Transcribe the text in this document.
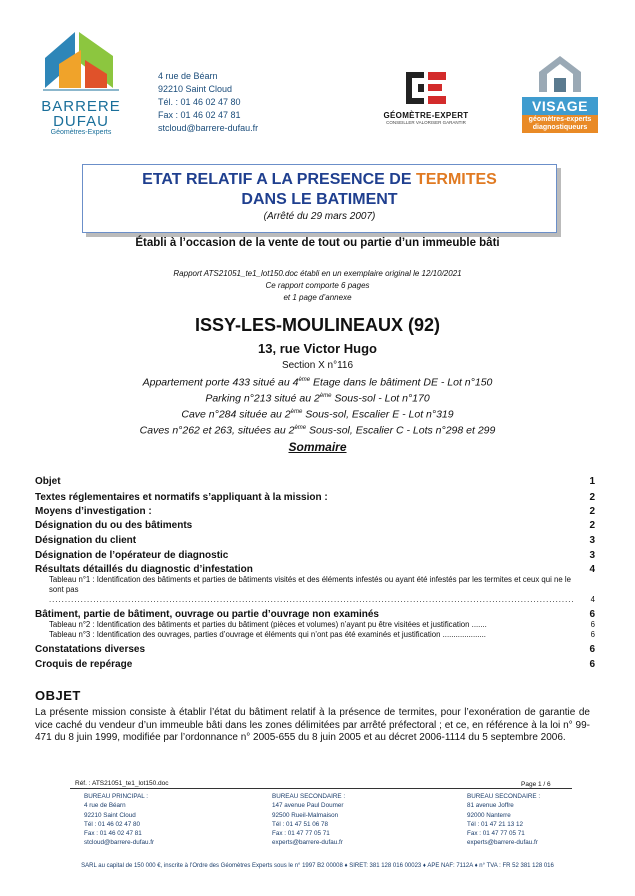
BARRERE
DUFAU
Géomètres-Experts
4 rue de Béarn
92210 Saint Cloud
Tél. : 01 46 02 47 80
Fax : 01 46 02 47 81
stcloud@barrere-dufau.fr
GÉOMÈTRE-EXPERT
CONSEILLER VALORISER GARANTIR
VISAGE
géomètres-experts
diagnostiqueurs
ETAT RELATIF A LA PRESENCE DE TERMITES
DANS LE BATIMENT
(Arrêté du 29 mars 2007)
Établi à l’occasion de la vente de tout ou partie d’un immeuble bâti
Rapport ATS21051_te1_lot150.doc établi en un exemplaire original le 12/10/2021
Ce rapport comporte 6 pages
et 1 page d’annexe
ISSY-LES-MOULINEAUX (92)
13, rue Victor Hugo
Section X n°116
Appartement porte 433 situé au 4ème Etage dans le bâtiment DE - Lot n°150
Parking n°213 situé au 2ème Sous-sol - Lot n°170
Cave n°284 située au 2ème Sous-sol, Escalier E - Lot n°319
Caves n°262 et 263, situées au 2ème Sous-sol, Escalier C - Lots n°298 et 299
Sommaire
Objet	1
Textes réglementaires et normatifs s’appliquant à la mission :	2
Moyens d’investigation :	2
Désignation du ou des bâtiments	2
Désignation du client	3
Désignation de l’opérateur de diagnostic	3
Résultats détaillés du diagnostic d’infestation	4
Tableau n°1 : Identification des bâtiments et parties de bâtiments visités et des éléments infestés ou ayant été infestés par les termites et ceux qui ne le sont pas ...................................................................................................................................................................... 4
Bâtiment, partie de bâtiment, ouvrage ou partie d’ouvrage non examinés	6
Tableau n°2 : Identification des bâtiments et parties du bâtiment (pièces et volumes) n’ayant pu être visitées et justification .......	6
Tableau n°3 : Identification des ouvrages, parties d’ouvrage et éléments qui n’ont pas été examinés et justification ....................	6
Constatations diverses	6
Croquis de repérage	6
OBJET
La présente mission consiste à établir l’état du bâtiment relatif à la présence de termites, pour l’exonération de garantie de vice caché du vendeur d’un immeuble bâti dans les zones délimitées par arrêté préfectoral ; et ce, en référence à la loi n° 99-471 du 8 juin 1999, modifiée par l’ordonnance n° 2005-655 du 8 juin 2005 et au décret 2006-1114 du 5 septembre 2006.
Réf. : ATS21051_te1_lot150.doc	Page 1 / 6
BUREAU PRINCIPAL :
4 rue de Béarn
92210 Saint Cloud
Tél : 01 46 02 47 80
Fax : 01 46 02 47 81
stcloud@barrere-dufau.fr
BUREAU SECONDAIRE :
147 avenue Paul Doumer
92500 Rueil-Malmaison
Tél : 01 47 51 06 78
Fax : 01 47 77 05 71
experts@barrere-dufau.fr
BUREAU SECONDAIRE :
81 avenue Joffre
92000 Nanterre
Tél : 01 47 21 13 12
Fax : 01 47 77 05 71
experts@barrere-dufau.fr
SARL au capital de 150 000 €, inscrite à l’Ordre des Géomètres Experts sous le n° 1997 B2 00008 ♦ SIRET: 381 128 016 00023 ♦ APE NAF: 7112A ♦ n° TVA : FR 52 381 128 016
